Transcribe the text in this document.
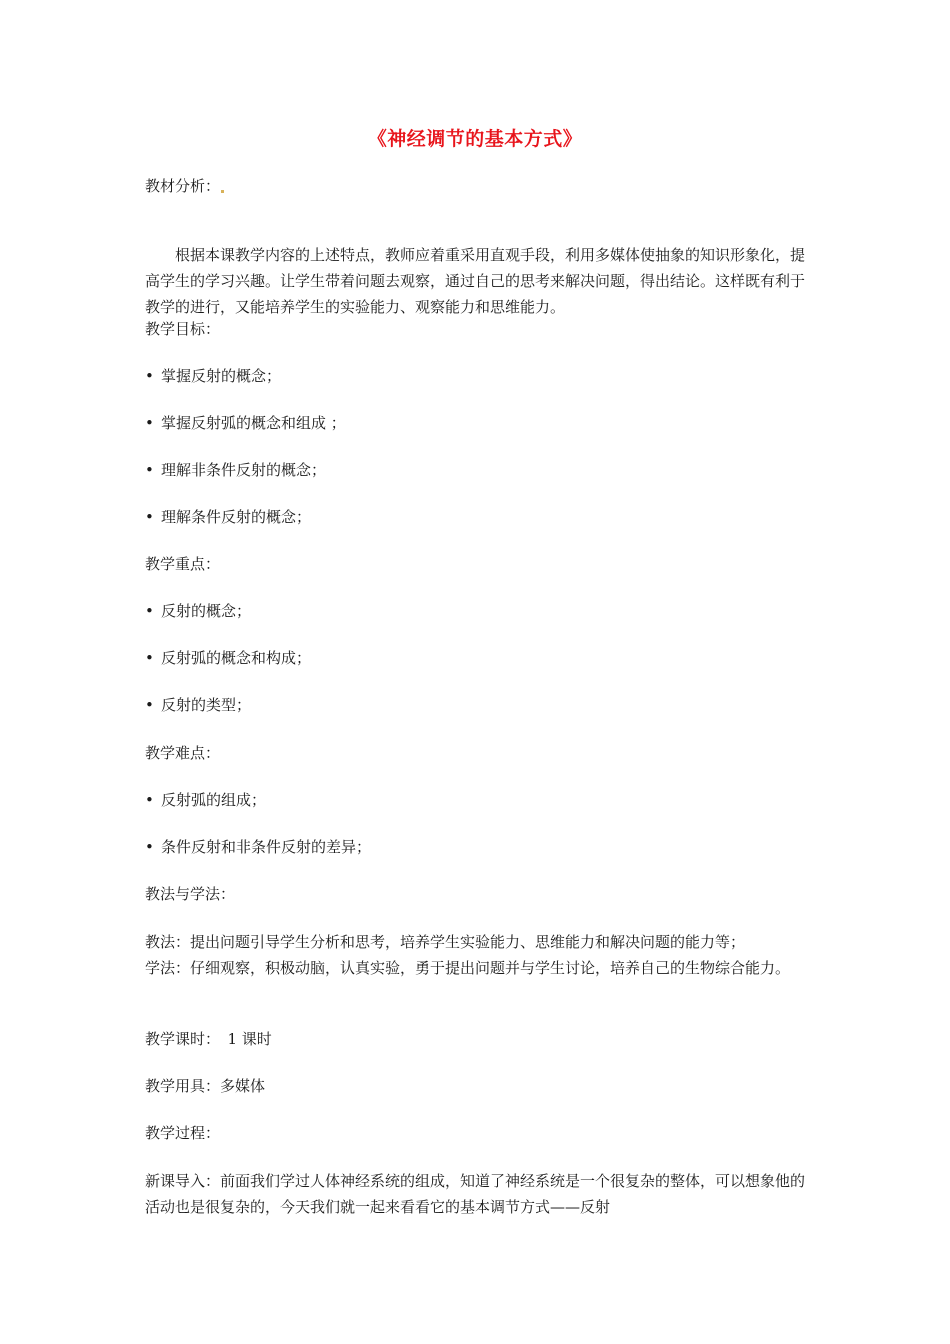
《神经调节的基本方式》
教材分析：
根据本课教学内容的上述特点，教师应着重采用直观手段，利用多媒体使抽象的知识形象化，提高学生的学习兴趣。让学生带着问题去观察，通过自己的思考来解决问题，得出结论。这样既有利于教学的进行，又能培养学生的实验能力、观察能力和思维能力。
教学目标：
• 掌握反射的概念；
• 掌握反射弧的概念和组成 ；
• 理解非条件反射的概念；
• 理解条件反射的概念；
教学重点：
• 反射的概念；
• 反射弧的概念和构成；
• 反射的类型；
教学难点：
• 反射弧的组成；
• 条件反射和非条件反射的差异；
教法与学法：
教法：提出问题引导学生分析和思考，培养学生实验能力、思维能力和解决问题的能力等；
学法：仔细观察，积极动脑，认真实验，勇于提出问题并与学生讨论，培养自己的生物综合能力。
教学课时：　1 课时
教学用具：多媒体
教学过程：
新课导入：前面我们学过人体神经系统的组成，知道了神经系统是一个很复杂的整体，可以想象他的活动也是很复杂的，今天我们就一起来看看它的基本调节方式——反射
